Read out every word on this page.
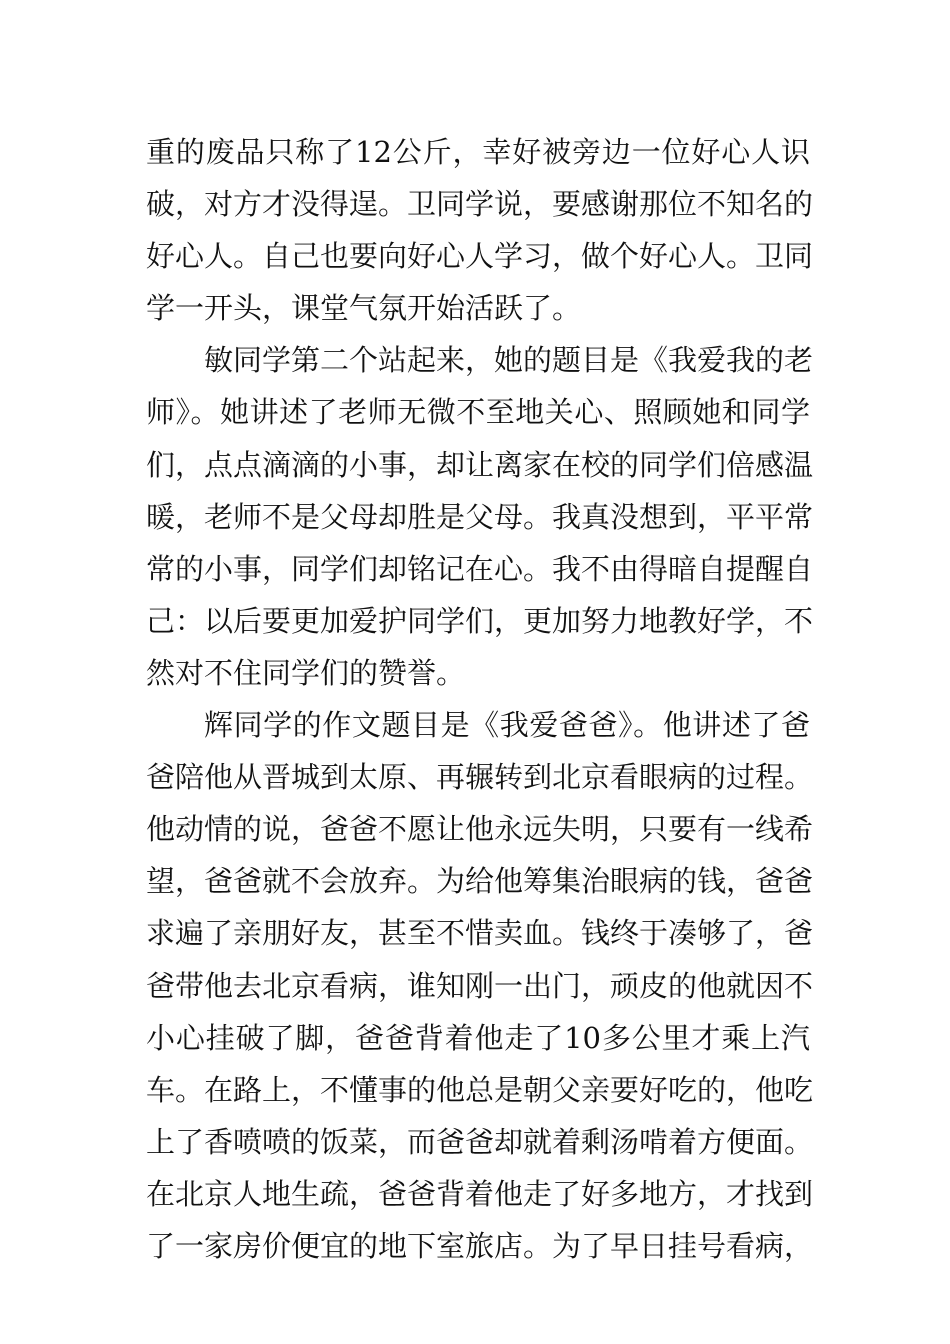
重的废品只称了12公斤，幸好被旁边一位好心人识
破，对方才没得逞。卫同学说，要感谢那位不知名的
好心人。自己也要向好心人学习，做个好心人。卫同
学一开头，课堂气氛开始活跃了。
敏同学第二个站起来，她的题目是《我爱我的老
师》。她讲述了老师无微不至地关心、照顾她和同学
们，点点滴滴的小事，却让离家在校的同学们倍感温
暖，老师不是父母却胜是父母。我真没想到，平平常
常的小事，同学们却铭记在心。我不由得暗自提醒自
己：以后要更加爱护同学们，更加努力地教好学，不
然对不住同学们的赞誉。
辉同学的作文题目是《我爱爸爸》。他讲述了爸
爸陪他从晋城到太原、再辗转到北京看眼病的过程。
他动情的说，爸爸不愿让他永远失明，只要有一线希
望，爸爸就不会放弃。为给他筹集治眼病的钱，爸爸
求遍了亲朋好友，甚至不惜卖血。钱终于凑够了，爸
爸带他去北京看病，谁知刚一出门，顽皮的他就因不
小心挂破了脚，爸爸背着他走了10多公里才乘上汽
车。在路上，不懂事的他总是朝父亲要好吃的，他吃
上了香喷喷的饭菜，而爸爸却就着剩汤啃着方便面。
在北京人地生疏，爸爸背着他走了好多地方，才找到
了一家房价便宜的地下室旅店。为了早日挂号看病，
